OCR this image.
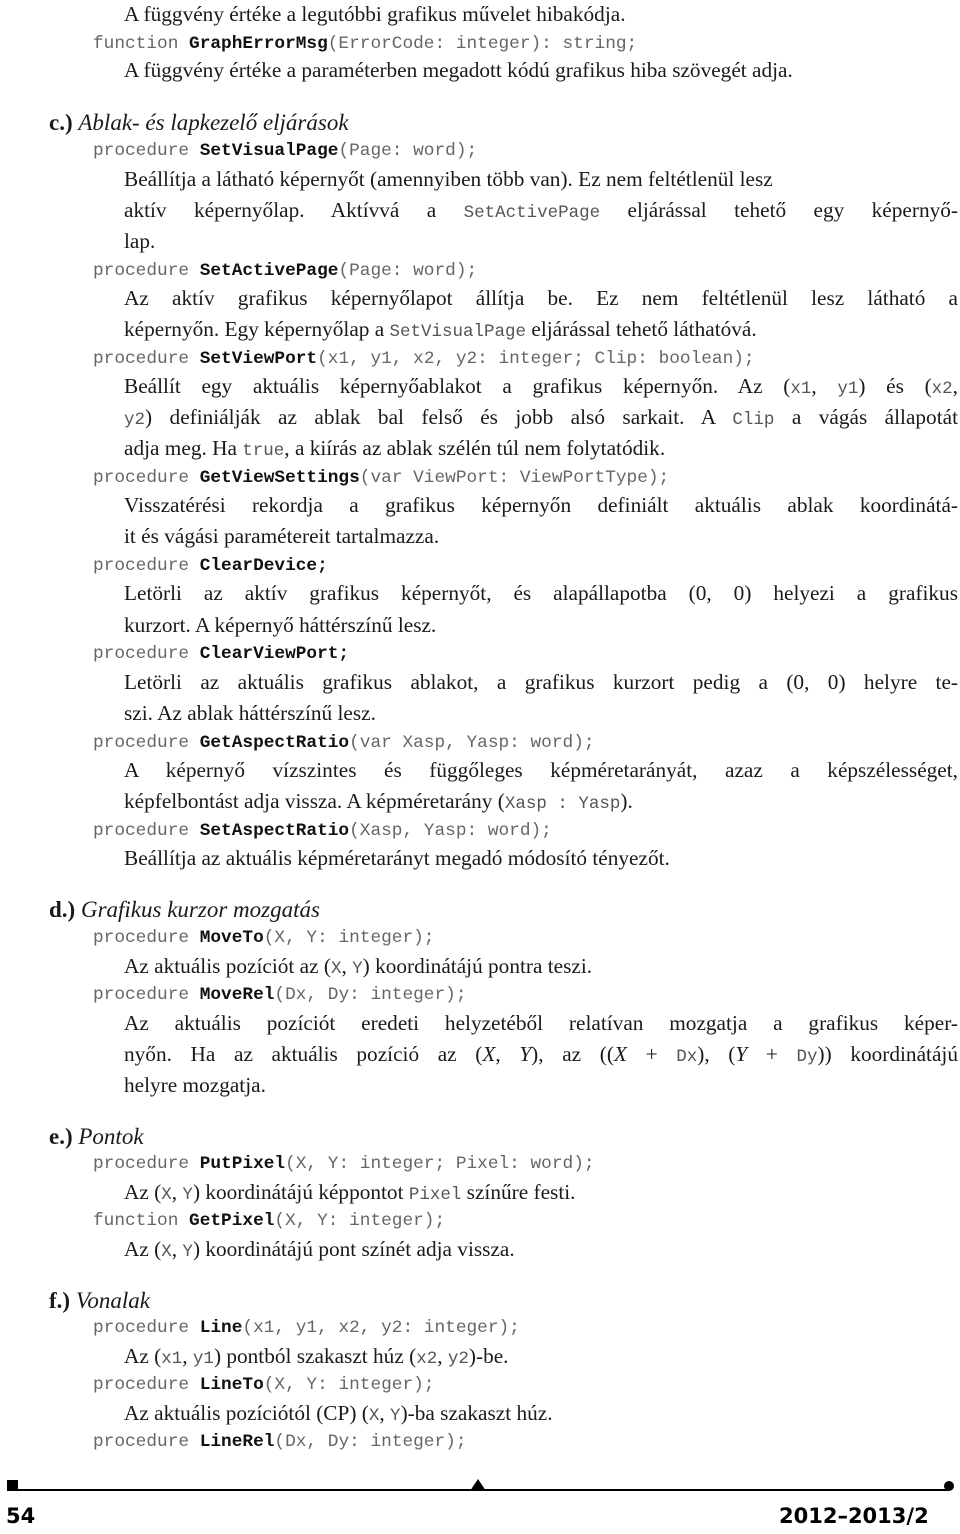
A függvény értéke a legutóbbi grafikus művelet hibakódja.
function GraphErrorMsg(ErrorCode: integer): string;
A függvény értéke a paraméterben megadott kódú grafikus hiba szövegét adja.
c.) Ablak- és lapkezelő eljárások
procedure SetVisualPage(Page: word);
Beállítja a látható képernyőt (amennyiben több van). Ez nem feltétlenül lesz
aktív képernyőlap. Aktívvá a SetActivePage eljárással tehető egy képernyő-
lap.
procedure SetActivePage(Page: word);
Az aktív grafikus képernyőlapot állítja be. Ez nem feltétlenül lesz látható a
képernyőn. Egy képernyőlap a SetVisualPage eljárással tehető láthatóvá.
procedure SetViewPort(x1, y1, x2, y2: integer; Clip: boolean);
Beállít egy aktuális képernyőablakot a grafikus képernyőn. Az (x1, y1) és (x2,
y2) definiálják az ablak bal felső és jobb alsó sarkait. A Clip a vágás állapotát
adja meg. Ha true, a kiírás az ablak szélén túl nem folytatódik.
procedure GetViewSettings(var ViewPort: ViewPortType);
Visszatérési rekordja a grafikus képernyőn definiált aktuális ablak koordinátá-
it és vágási paramétereit tartalmazza.
procedure ClearDevice;
Letörli az aktív grafikus képernyőt, és alapállapotba (0, 0) helyezi a grafikus
kurzort. A képernyő háttérszínű lesz.
procedure ClearViewPort;
Letörli az aktuális grafikus ablakot, a grafikus kurzort pedig a (0, 0) helyre te-
szi. Az ablak háttérszínű lesz.
procedure GetAspectRatio(var Xasp, Yasp: word);
A képernyő vízszintes és függőleges képméretarányát, azaz a képszélességet,
képfelbontást adja vissza. A képméretarány (Xasp : Yasp).
procedure SetAspectRatio(Xasp, Yasp: word);
Beállítja az aktuális képméretarányt megadó módosító tényezőt.
d.) Grafikus kurzor mozgatás
procedure MoveTo(X, Y: integer);
Az aktuális pozíciót az (X, Y) koordinátájú pontra teszi.
procedure MoveRel(Dx, Dy: integer);
Az aktuális pozíciót eredeti helyzetéből relatívan mozgatja a grafikus képer-
nyőn. Ha az aktuális pozíció az (X, Y), az ((X + Dx), (Y + Dy)) koordinátájú
helyre mozgatja.
e.) Pontok
procedure PutPixel(X, Y: integer; Pixel: word);
Az (X, Y) koordinátájú képpontot Pixel színűre festi.
function GetPixel(X, Y: integer);
Az (X, Y) koordinátájú pont színét adja vissza.
f.) Vonalak
procedure Line(x1, y1, x2, y2: integer);
Az (x1, y1) pontból szakaszt húz (x2, y2)-be.
procedure LineTo(X, Y: integer);
Az aktuális pozíciótól (CP) (X, Y)-ba szakaszt húz.
procedure LineRel(Dx, Dy: integer);
54	2012–2013/2
